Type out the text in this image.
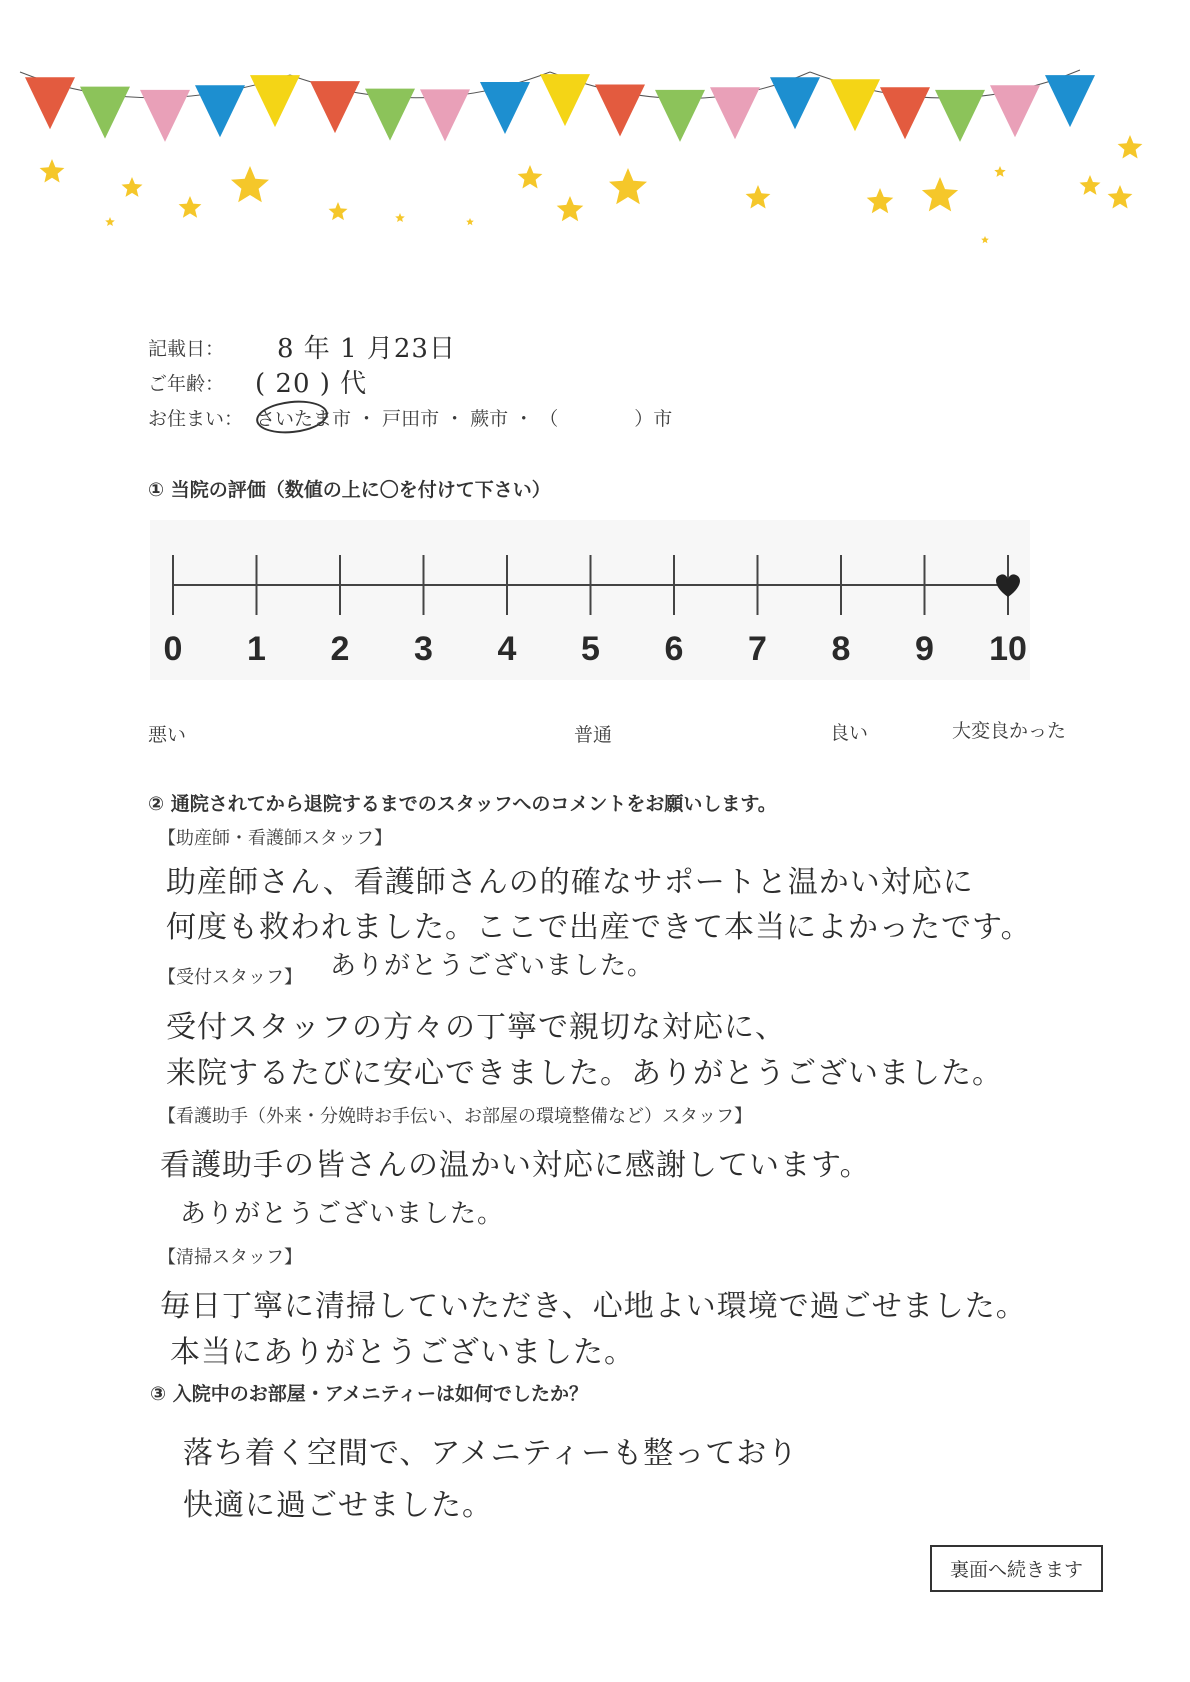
記載日： 8 年 1 月23日
ご年齢： ( 20 ) 代
お住まい： さいたま市 ・ 戸田市 ・ 蕨市 ・ （　　　　）市
① 当院の評価（数値の上に〇を付けて下さい）
0 1 2 3 4 5 6 7 8 9 10
悪い	普通	良い	大変良かった
② 通院されてから退院するまでのスタッフへのコメントをお願いします。
【助産師・看護師スタッフ】
助産師さん、看護師さんの的確なサポートと温かい対応に
何度も救われました。ここで出産できて本当によかったです。
ありがとうございました。
【受付スタッフ】
受付スタッフの方々の丁寧で親切な対応に、
来院するたびに安心できました。ありがとうございました。
【看護助手（外来・分娩時お手伝い、お部屋の環境整備など）スタッフ】
看護助手の皆さんの温かい対応に感謝しています。
ありがとうございました。
【清掃スタッフ】
毎日丁寧に清掃していただき、心地よい環境で過ごせました。
本当にありがとうございました。
③ 入院中のお部屋・アメニティーは如何でしたか？
落ち着く空間で、アメニティーも整っており
快適に過ごせました。
裏面へ続きます
